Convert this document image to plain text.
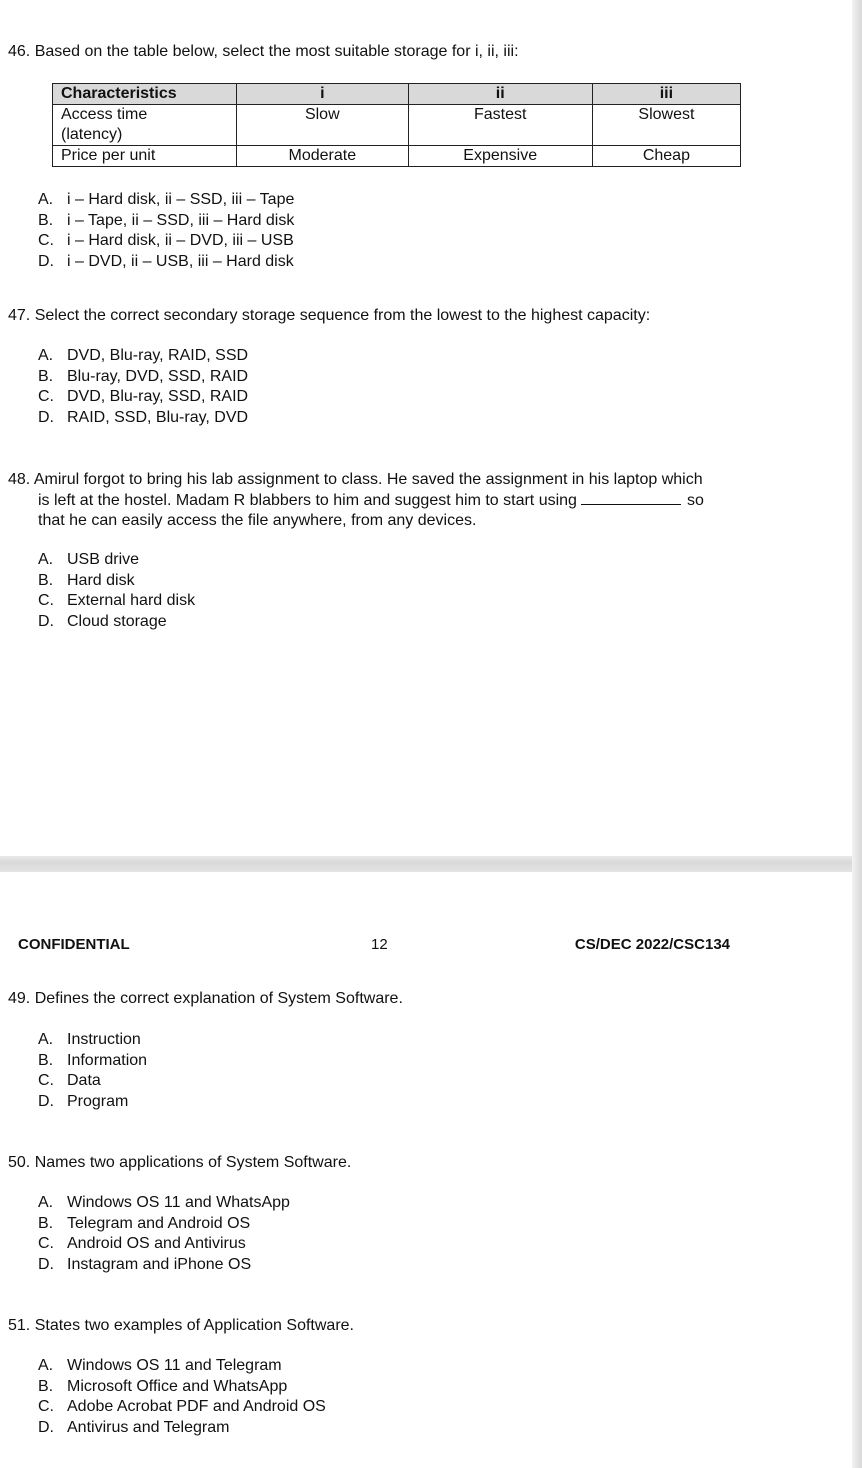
46. Based on the table below, select the most suitable storage for i, ii, iii:

Characteristics	i	ii	iii
Access time
(latency)	Slow	Fastest	Slowest
Price per unit	Moderate	Expensive	Cheap
A. i – Hard disk, ii – SSD, iii – Tape
B. i – Tape, ii – SSD, iii – Hard disk
C. i – Hard disk, ii – DVD, iii – USB
D. i – DVD, ii – USB, iii – Hard disk

47. Select the correct secondary storage sequence from the lowest to the highest capacity:

A. DVD, Blu-ray, RAID, SSD
B. Blu-ray, DVD, SSD, RAID
C. DVD, Blu-ray, SSD, RAID
D. RAID, SSD, Blu-ray, DVD

48. Amirul forgot to bring his lab assignment to class. He saved the assignment in his laptop which

is left at the hostel. Madam R blabbers to him and suggest him to start using	so

that he can easily access the file anywhere, from any devices.

A. USB drive
B. Hard disk
C. External hard disk
D. Cloud storage
CONFIDENTIAL	12	CS/DEC 2022/CSC134

49. Defines the correct explanation of System Software.

A. Instruction
B. Information
C. Data
D. Program

50. Names two applications of System Software.

A. Windows OS 11 and WhatsApp
B. Telegram and Android OS
C. Android OS and Antivirus
D. Instagram and iPhone OS

51. States two examples of Application Software.

A. Windows OS 11 and Telegram
B. Microsoft Office and WhatsApp
C. Adobe Acrobat PDF and Android OS
D. Antivirus and Telegram
